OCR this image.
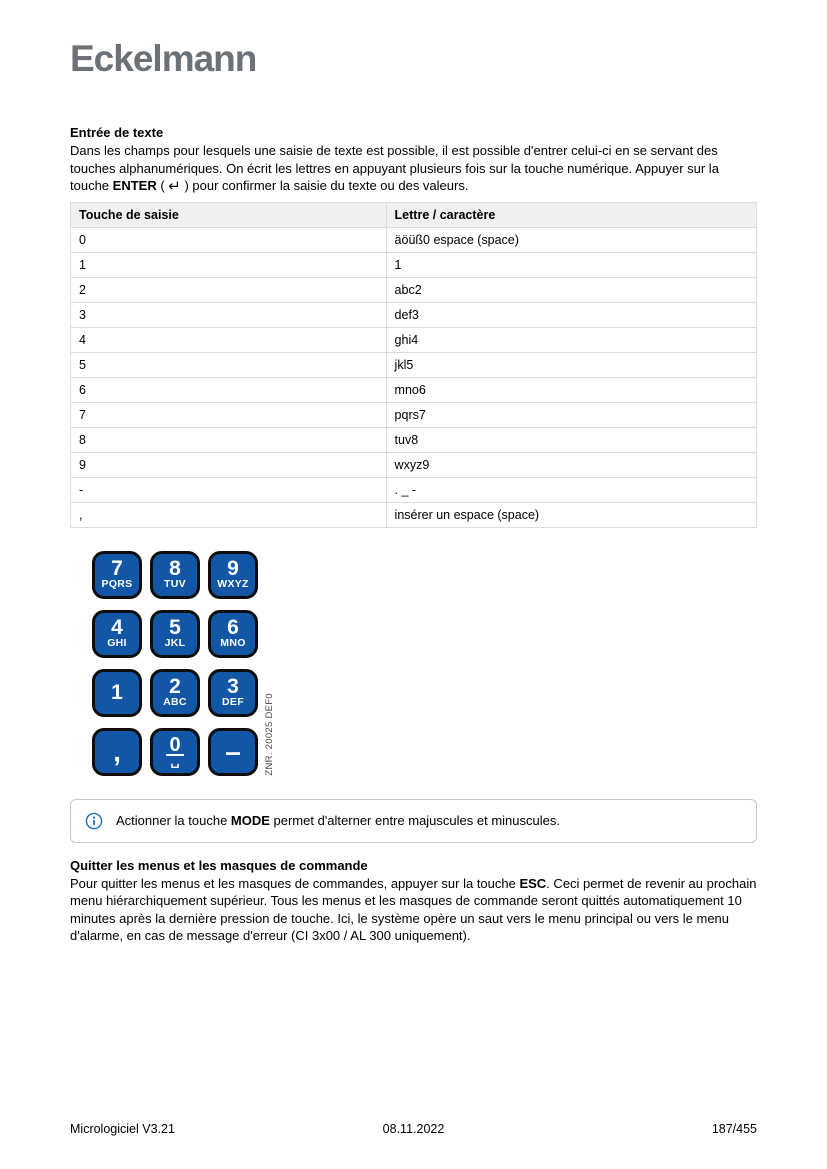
Eckelmann
Entrée de texte

Dans les champs pour lesquels une saisie de texte est possible, il est possible d'entrer celui-ci en se servant des touches alphanumériques. On écrit les lettres en appuyant plusieurs fois sur la touche numérique. Appuyer sur la touche ENTER ( ↵ ) pour confirmer la saisie du texte ou des valeurs.

Touche de saisie	Lettre / caractère
0	äöüß0 espace (space)
1	1
2	abc2
3	def3
4	ghi4
5	jkl5
6	mno6
7	pqrs7
8	tuv8
9	wxyz9
-	. _ -
,	insérer un espace (space)
7
PQRS
8
TUV
9
WXYZ
4
GHI
5
JKL
6
MNO
1 2
ABC
3
DEF
, 0
␣ – ZNR. 20025 DEF0
Actionner la touche MODE permet d'alterner entre majuscules et minuscules.
Quitter les menus et les masques de commande

Pour quitter les menus et les masques de commandes, appuyer sur la touche ESC. Ceci permet de revenir au prochain menu hiérarchiquement supérieur. Tous les menus et les masques de commande seront quittés automatiquement 10 minutes après la dernière pression de touche. Ici, le système opère un saut vers le menu principal ou vers le menu d'alarme, en cas de message d'erreur (CI 3x00 / AL 300 uniquement).

Micrologiciel V3.21	08.11.2022	187/455
